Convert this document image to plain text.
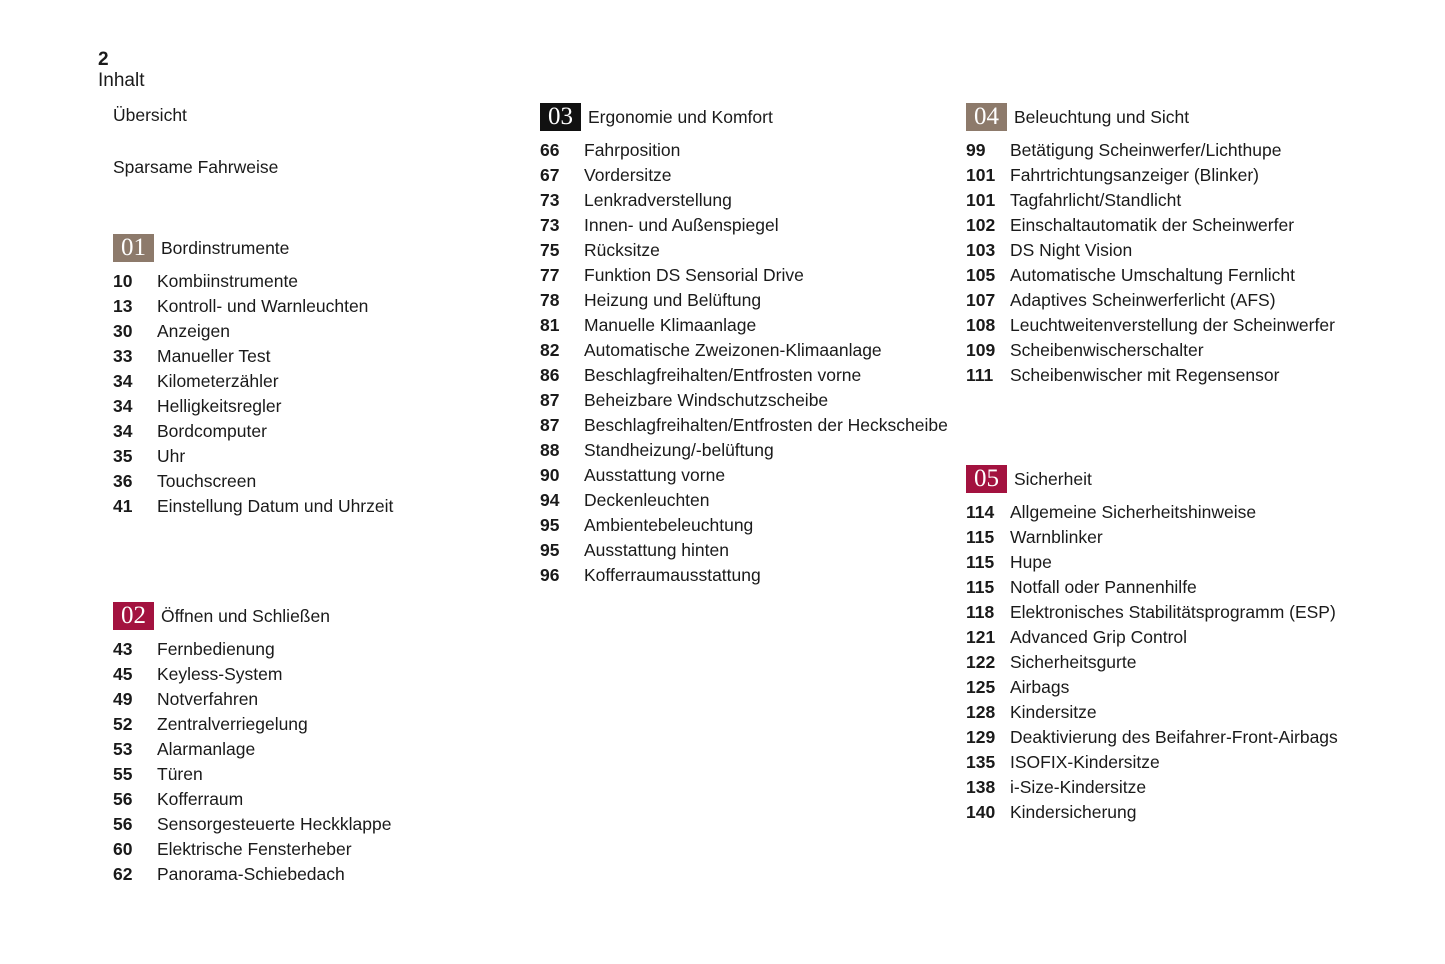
2
Inhalt
Übersicht
Sparsame Fahrweise
01 Bordinstrumente
10	Kombiinstrumente
13	Kontroll- und Warnleuchten
30	Anzeigen
33	Manueller Test
34	Kilometerzähler
34	Helligkeitsregler
34	Bordcomputer
35	Uhr
36	Touchscreen
41	Einstellung Datum und Uhrzeit
02 Öffnen und Schließen
43	Fernbedienung
45	Keyless-System
49	Notverfahren
52	Zentralverriegelung
53	Alarmanlage
55	Türen
56	Kofferraum
56	Sensorgesteuerte Heckklappe
60	Elektrische Fensterheber
62	Panorama-Schiebedach
03 Ergonomie und Komfort
66	Fahrposition
67	Vordersitze
73	Lenkradverstellung
73	Innen- und Außenspiegel
75	Rücksitze
77	Funktion DS Sensorial Drive
78	Heizung und Belüftung
81	Manuelle Klimaanlage
82	Automatische Zweizonen-Klimaanlage
86	Beschlagfreihalten/Entfrosten vorne
87	Beheizbare Windschutzscheibe
87	Beschlagfreihalten/Entfrosten der Heckscheibe
88	Standheizung/-belüftung
90	Ausstattung vorne
94	Deckenleuchten
95	Ambientebeleuchtung
95	Ausstattung hinten
96	Kofferraumausstattung
04 Beleuchtung und Sicht
99	Betätigung Scheinwerfer/Lichthupe
101 Fahrtrichtungsanzeiger (Blinker)
101 Tagfahrlicht/Standlicht
102 Einschaltautomatik der Scheinwerfer
103 DS Night Vision
105 Automatische Umschaltung Fernlicht
107 Adaptives Scheinwerferlicht (AFS)
108 Leuchtweitenverstellung der Scheinwerfer
109 Scheibenwischerschalter
111 Scheibenwischer mit Regensensor
05 Sicherheit
114 Allgemeine Sicherheitshinweise
115 Warnblinker
115 Hupe
115 Notfall oder Pannenhilfe
118 Elektronisches Stabilitätsprogramm (ESP)
121 Advanced Grip Control
122 Sicherheitsgurte
125 Airbags
128 Kindersitze
129 Deaktivierung des Beifahrer-Front-Airbags
135 ISOFIX-Kindersitze
138 i-Size-Kindersitze
140 Kindersicherung
